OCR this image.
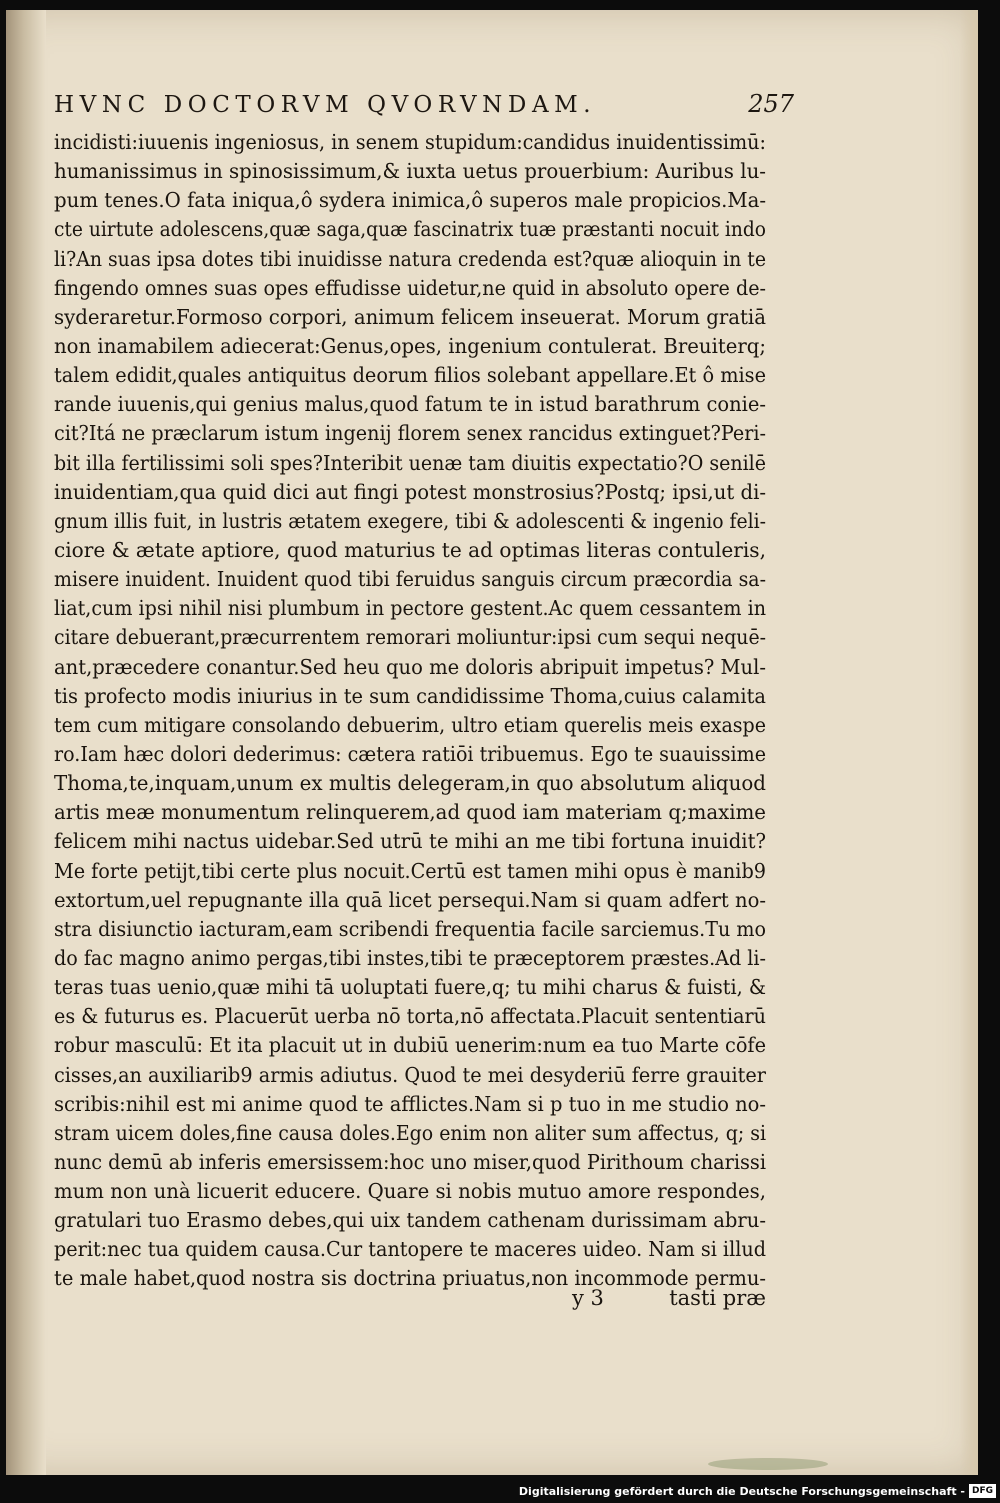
HVNC DOCTORVM QVORVNDAM.	257
incidisti:iuuenis ingeniosus, in senem stupidum:candidus inuidentissimū:
humanissimus in spinosissimum,& iuxta uetus prouerbium: Auribus lu-
pum tenes.O fata iniqua,ô sydera inimica,ô superos male propicios.Ma-
cte uirtute adolescens,quæ saga,quæ fascinatrix tuæ præstanti nocuit indo
li?An suas ipsa dotes tibi inuidisse natura credenda est?quæ alioquin in te
fingendo omnes suas opes effudisse uidetur,ne quid in absoluto opere de-
syderaretur.Formoso corpori, animum felicem inseuerat. Morum gratiā
non inamabilem adiecerat:Genus,opes, ingenium contulerat. Breuiterq;
talem edidit,quales antiquitus deorum filios solebant appellare.Et ô mise
rande iuuenis,qui genius malus,quod fatum te in istud barathrum conie-
cit?Itá ne præclarum istum ingenij florem senex rancidus extinguet?Peri-
bit illa fertilissimi soli spes?Interibit uenæ tam diuitis expectatio?O senilē
inuidentiam,qua quid dici aut fingi potest monstrosius?Postq; ipsi,ut di-
gnum illis fuit, in lustris ætatem exegere, tibi & adolescenti & ingenio feli-
ciore & ætate aptiore, quod maturius te ad optimas literas contuleris,
misere inuident. Inuident quod tibi feruidus sanguis circum præcordia sa-
liat,cum ipsi nihil nisi plumbum in pectore gestent.Ac quem cessantem in
citare debuerant,præcurrentem remorari moliuntur:ipsi cum sequi nequē-
ant,præcedere conantur.Sed heu quo me doloris abripuit impetus? Mul-
tis profecto modis iniurius in te sum candidissime Thoma,cuius calamita
tem cum mitigare consolando debuerim, ultro etiam querelis meis exaspe
ro.Iam hæc dolori dederimus: cætera ratiōi tribuemus. Ego te suauissime
Thoma,te,inquam,unum ex multis delegeram,in quo absolutum aliquod
artis meæ monumentum relinquerem,ad quod iam materiam q;maxime
felicem mihi nactus uidebar.Sed utrū te mihi an me tibi fortuna inuidit?
Me forte petijt,tibi certe plus nocuit.Certū est tamen mihi opus è manib9
extortum,uel repugnante illa quā licet persequi.Nam si quam adfert no-
stra disiunctio iacturam,eam scribendi frequentia facile sarciemus.Tu mo
do fac magno animo pergas,tibi instes,tibi te præceptorem præstes.Ad li-
teras tuas uenio,quæ mihi tā uoluptati fuere,q; tu mihi charus & fuisti, &
es & futurus es. Placuerūt uerba nō torta,nō affectata.Placuit sententiarū
robur masculū: Et ita placuit ut in dubiū uenerim:num ea tuo Marte cōfe
cisses,an auxiliarib9 armis adiutus. Quod te mei desyderiū ferre grauiter
scribis:nihil est mi anime quod te afflictes.Nam si p tuo in me studio no-
stram uicem doles,fine causa doles.Ego enim non aliter sum affectus, q; si
nunc demū ab inferis emersissem:hoc uno miser,quod Pirithoum charissi
mum non unà licuerit educere. Quare si nobis mutuo amore respondes,
gratulari tuo Erasmo debes,qui uix tandem cathenam durissimam abru-
perit:nec tua quidem causa.Cur tantopere te maceres uideo. Nam si illud
te male habet,quod nostra sis doctrina priuatus,non incommode permu-
y 3	tasti præ
Digitalisierung gefördert durch die Deutsche Forschungsgemeinschaft - DFG
